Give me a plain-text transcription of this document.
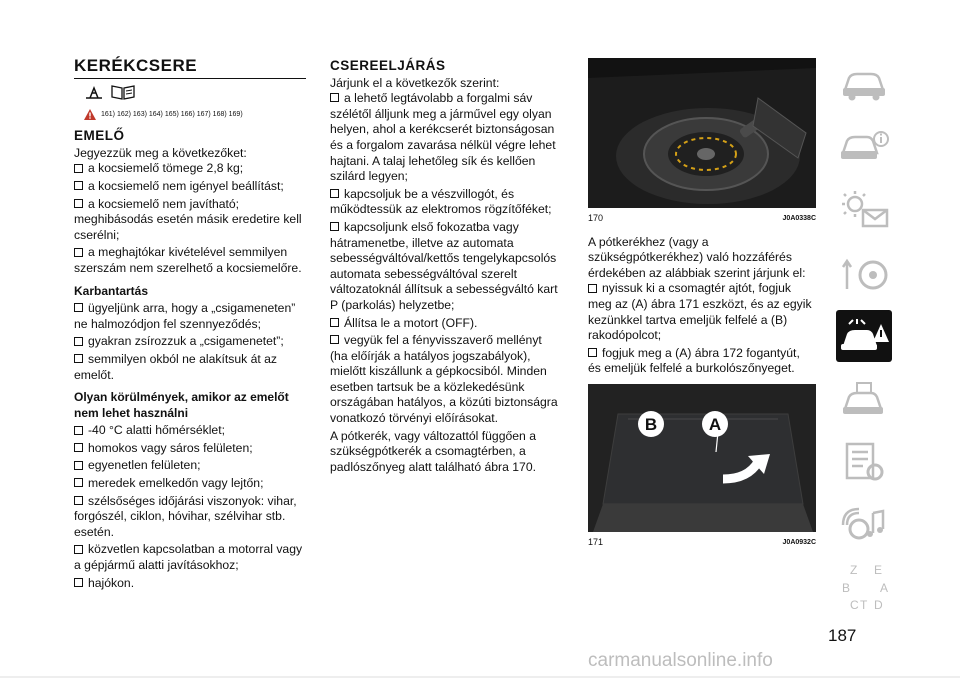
KERÉKCSERE
161) 162) 163) 164) 165) 166) 167) 168) 169)
EMELŐ

Jegyezzük meg a következőket:

a kocsiemelő tömege 2,8 kg;

a kocsiemelő nem igényel beállítást;

a kocsiemelő nem javítható; meghibásodás esetén másik eredetire kell cserélni;

a meghajtókar kivételével semmilyen szerszám nem szerelhető a kocsiemelőre.

Karbantartás

ügyeljünk arra, hogy a „csigameneten” ne halmozódjon fel szennyeződés;

gyakran zsírozzuk a „csigamenetet”;

semmilyen okból ne alakítsuk át az emelőt.

Olyan körülmények, amikor az emelőt nem lehet használni

-40 °C alatti hőmérséklet;

homokos vagy sáros felületen;

egyenetlen felületen;

meredek emelkedőn vagy lejtőn;

szélsőséges időjárási viszonyok: vihar, forgószél, ciklon, hóvihar, szélvihar stb. esetén.

közvetlen kapcsolatban a motorral vagy a gépjármű alatti javításokhoz;

hajókon.

CSEREELJÁRÁS

Járjunk el a következők szerint:

a lehető legtávolabb a forgalmi sáv szélétől álljunk meg a járművel egy olyan helyen, ahol a kerékcserét biztonságosan és a forgalom zavarása nélkül végre lehet hajtani. A talaj lehetőleg sík és kellően szilárd legyen;

kapcsoljuk be a vészvillogót, és működtessük az elektromos rögzítőféket;

kapcsoljunk első fokozatba vagy hátramenetbe, illetve az automata sebességváltóval/kettős tengelykapcsolós automata sebességváltóval szerelt változatoknál állítsuk a sebességváltó kart P (parkolás) helyzetbe;

Állítsa le a motort (OFF).

vegyük fel a fényvisszaverő mellényt (ha előírják a hatályos jogszabályok), mielőtt kiszállunk a gépkocsiból. Minden esetben tartsuk be a közlekedésünk országában hatályos, a közúti biztonságra vonatkozó törvényi előírásokat.

A pótkerék, vagy változattól függően a szükségpótkerék a csomagtérben, a padlószőnyeg alatt található ábra 170.

170	J0A0338C

A pótkerékhez (vagy a szükségpótkerékhez) való hozzáférés érdekében az alábbiak szerint járjunk el:

nyissuk ki a csomagtér ajtót, fogjuk meg az (A) ábra 171 eszközt, és az egyik kezünkkel tartva emeljük felfelé a (B) rakodópolcot;

fogjuk meg a (A) ábra 172 fogantyút, és emeljük felfelé a burkolószőnyeget.

B	A
171	J0A0932C
Z E
B A
C T D
187
carmanualsonline.info
